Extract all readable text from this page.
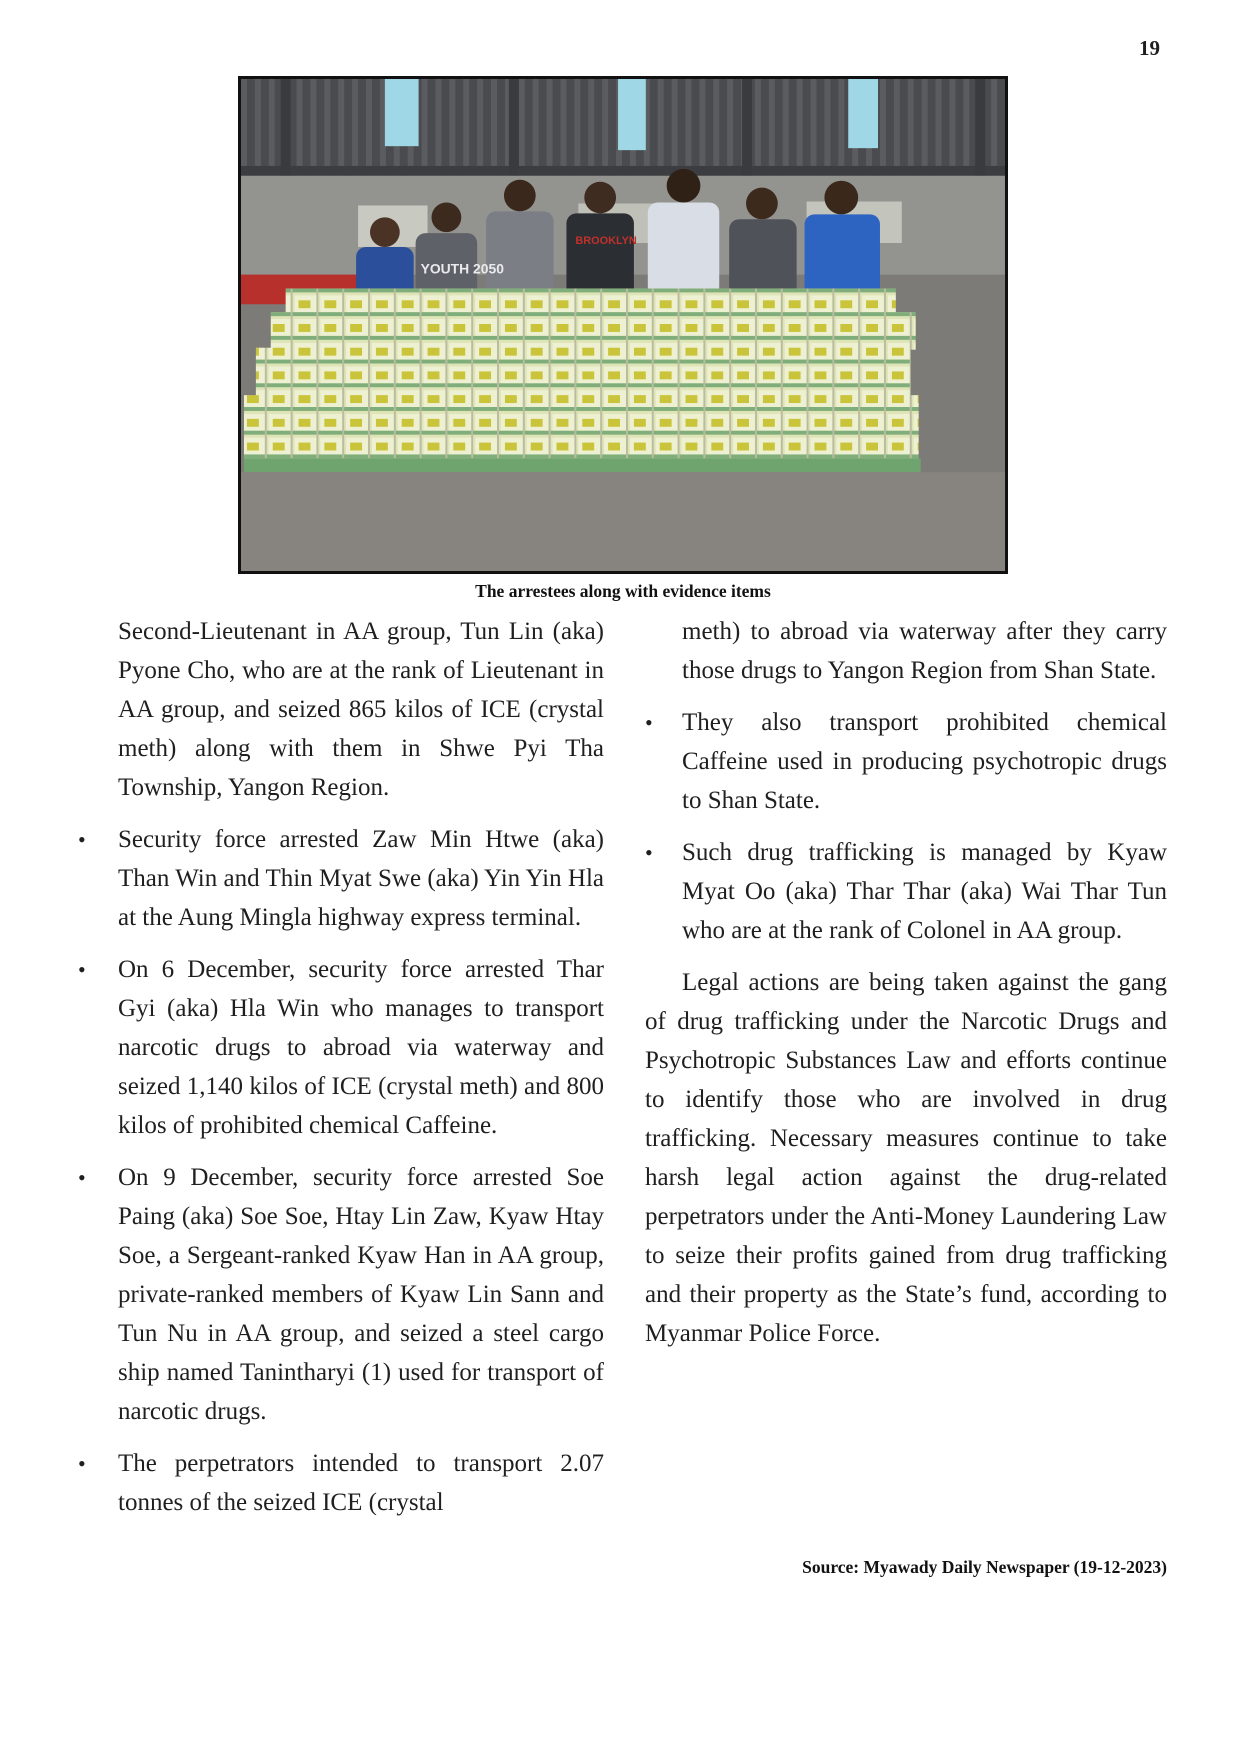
19
YOUTH 2050
BROOKLYN
The arrestees along with evidence items

Second-Lieutenant in AA group, Tun Lin (aka) Pyone Cho, who are at the rank of Lieutenant in AA group, and seized 865 kilos of ICE (crystal meth) along with them in Shwe Pyi Tha Township, Yangon Region.

• Security force arrested Zaw Min Htwe (aka) Than Win and Thin Myat Swe (aka) Yin Yin Hla at the Aung Mingla highway express terminal.
• On 6 December, security force arrested Thar Gyi (aka) Hla Win who manages to transport narcotic drugs to abroad via waterway and seized 1,140 kilos of ICE (crystal meth) and 800 kilos of prohibited chemical Caffeine.
• On 9 December, security force arrested Soe Paing (aka) Soe Soe, Htay Lin Zaw, Kyaw Htay Soe, a Sergeant-ranked Kyaw Han in AA group, private-ranked members of Kyaw Lin Sann and Tun Nu in AA group, and seized a steel cargo ship named Tanintharyi (1) used for transport of narcotic drugs.
• The perpetrators intended to transport 2.07 tonnes of the seized ICE (crystal

meth) to abroad via waterway after they carry those drugs to Yangon Region from Shan State.

• They also transport prohibited chemical Caffeine used in producing psychotropic drugs to Shan State.
• Such drug trafficking is managed by Kyaw Myat Oo (aka) Thar Thar (aka) Wai Thar Tun who are at the rank of Colonel in AA group.

Legal actions are being taken against the gang of drug trafficking under the Narcotic Drugs and Psychotropic Substances Law and efforts continue to identify those who are involved in drug trafficking. Necessary measures continue to take harsh legal action against the drug-related perpetrators under the Anti-Money Laundering Law to seize their profits gained from drug trafficking and their property as the State’s fund, according to Myanmar Police Force.

Source: Myawady Daily Newspaper (19-12-2023)
